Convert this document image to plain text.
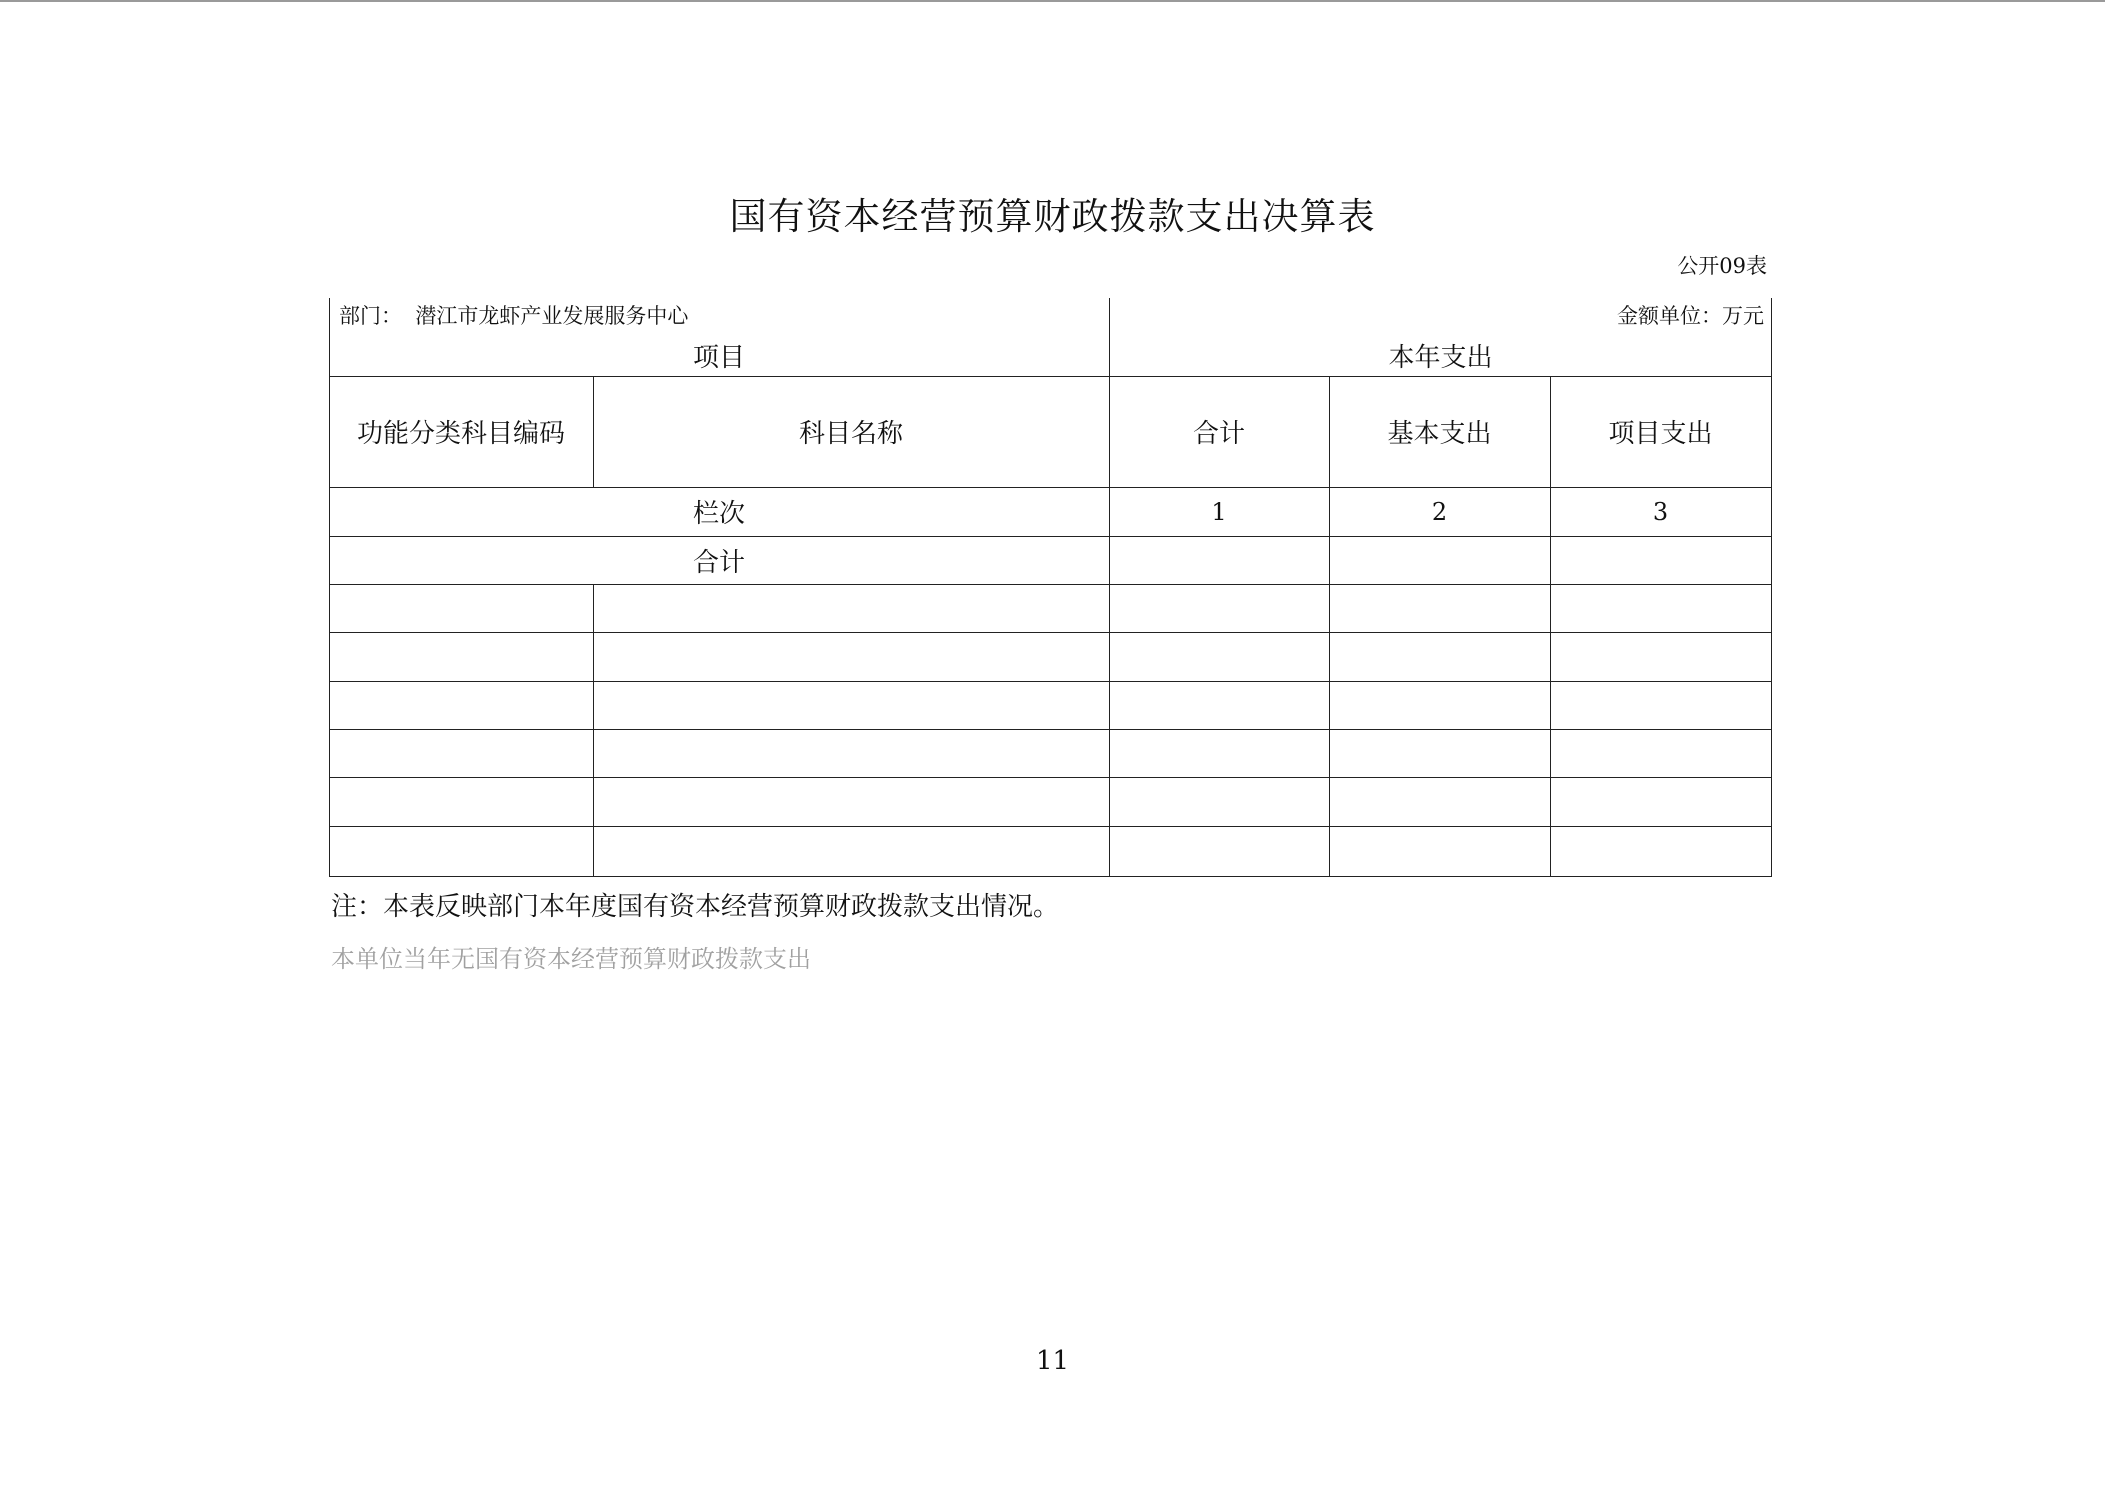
国有资本经营预算财政拨款支出决算表
公开09表
部门： 潜江市龙虾产业发展服务中心	金额单位：万元
项目	本年支出
功能分类科目编码	科目名称	合计	基本支出	项目支出
栏次	1	2	3
合计
注：本表反映部门本年度国有资本经营预算财政拨款支出情况。
本单位当年无国有资本经营预算财政拨款支出
11
